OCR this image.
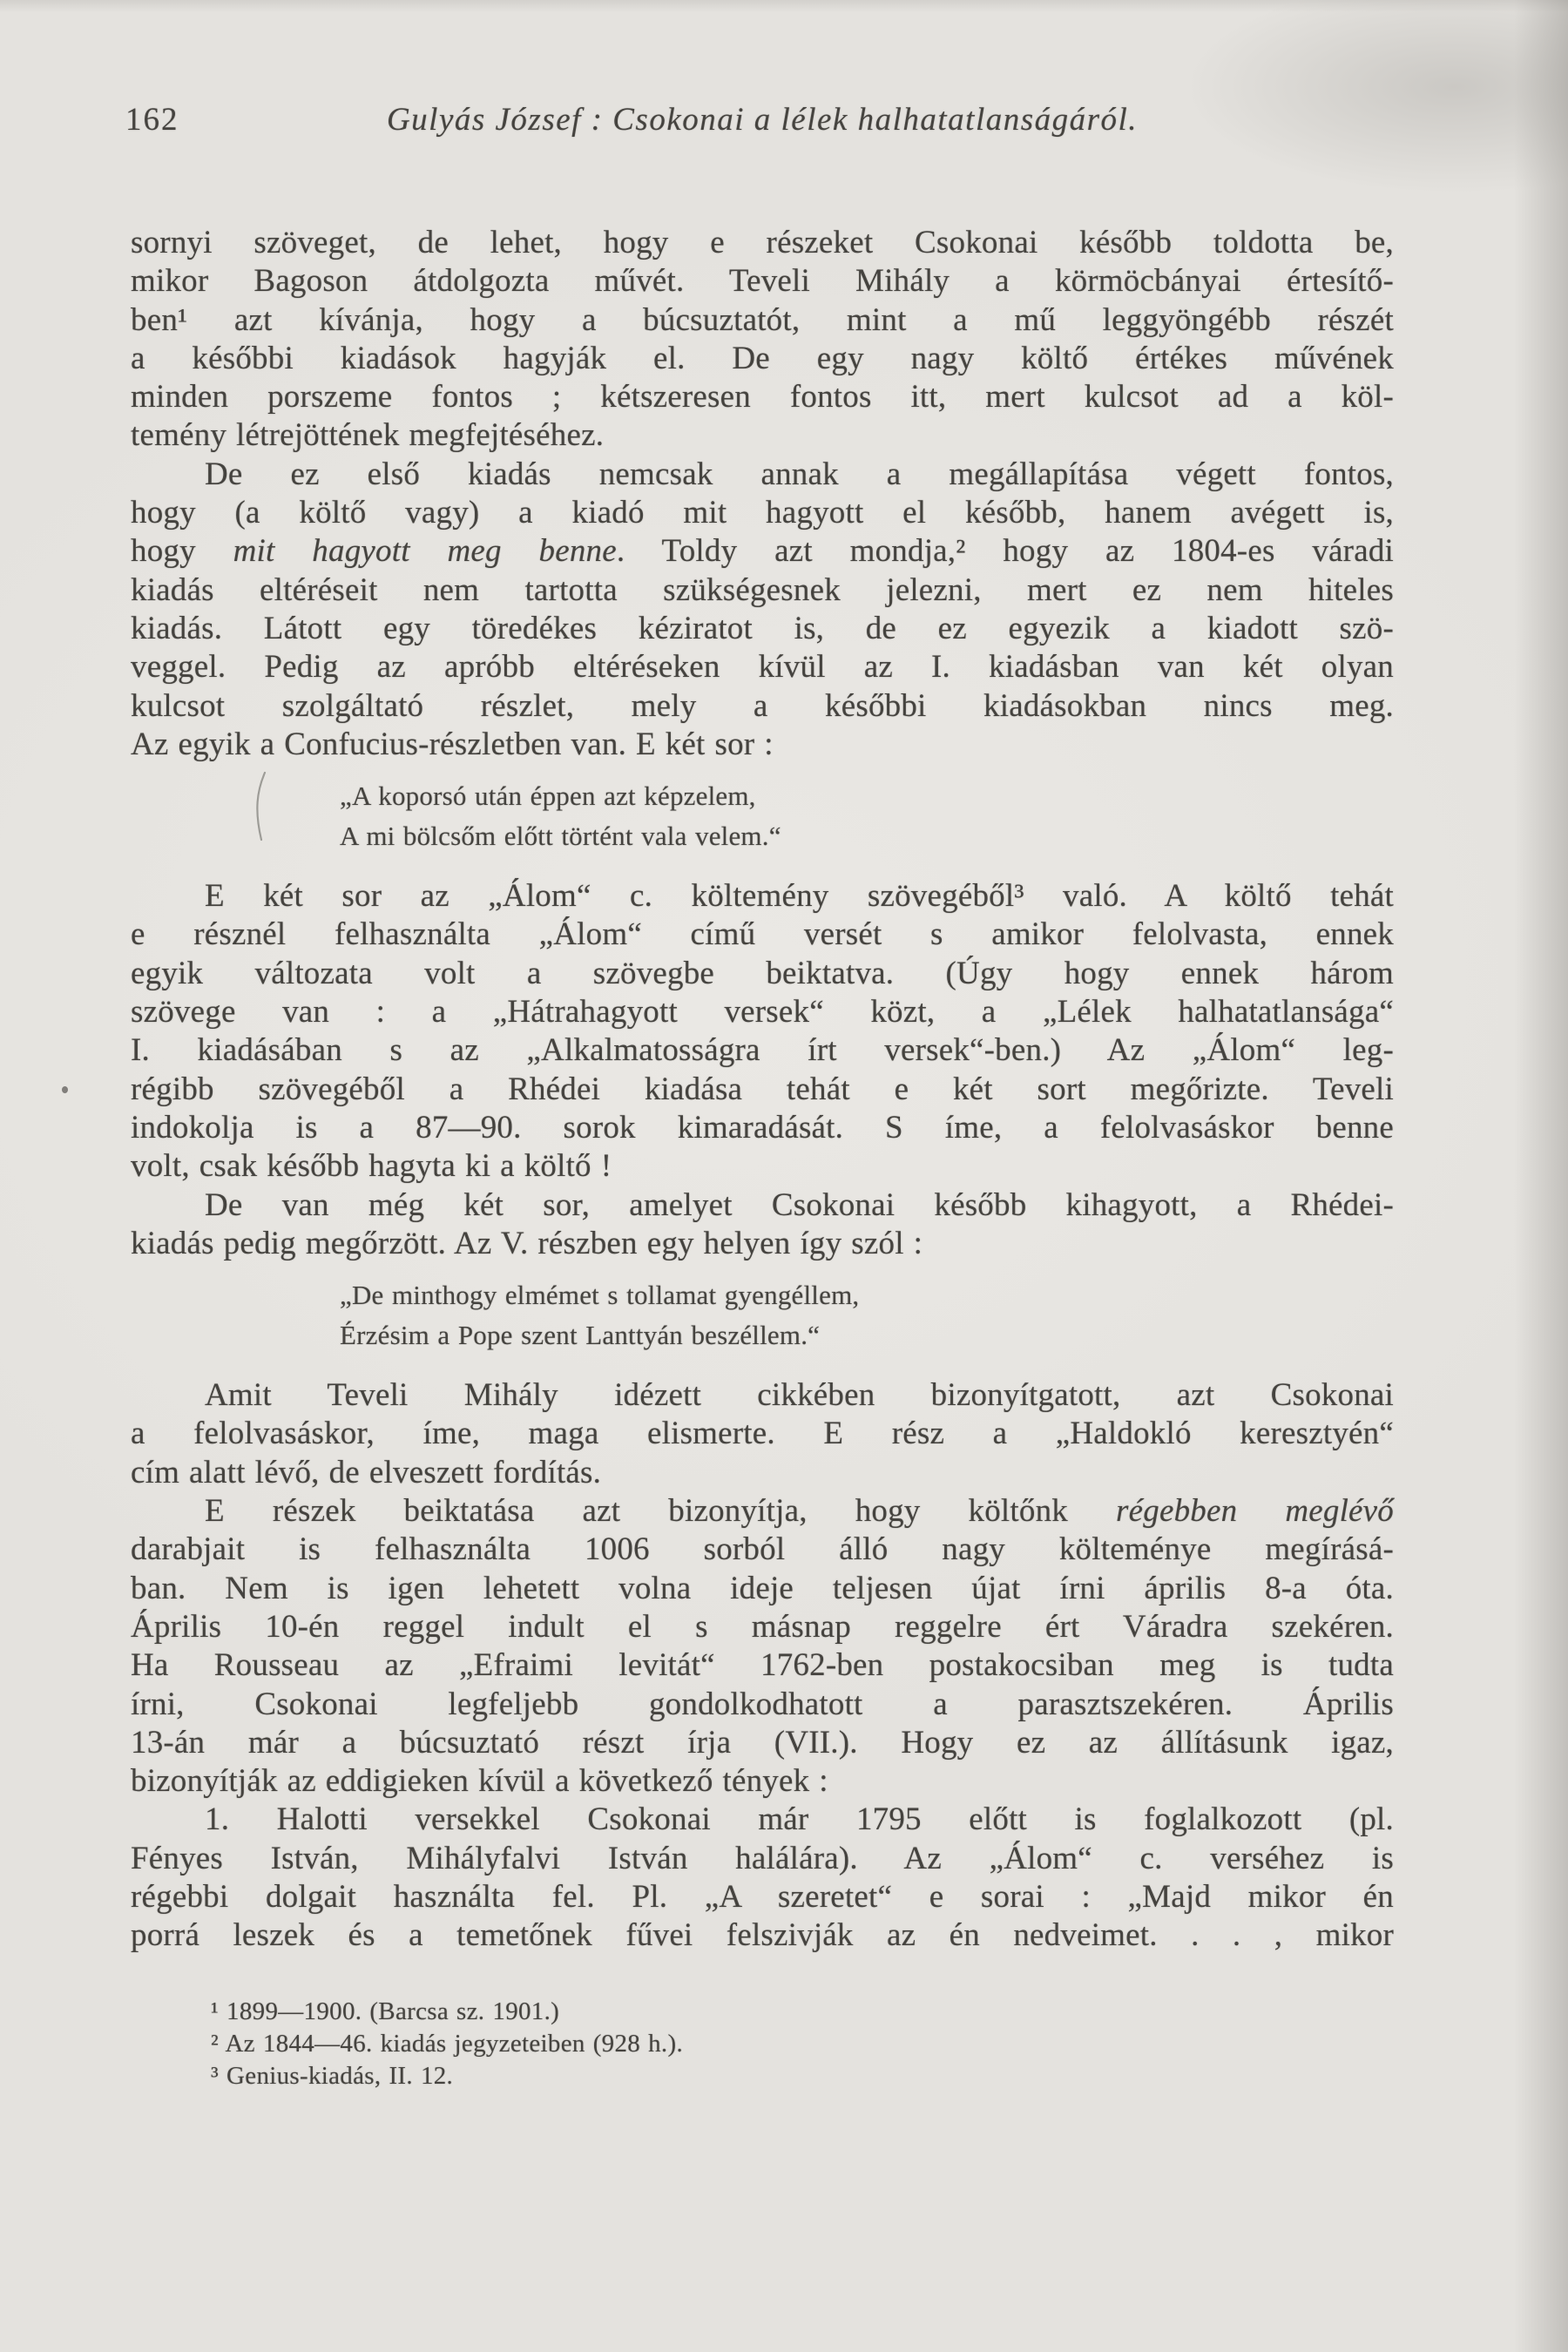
162	Gulyás József : Csokonai a lélek halhatatlanságáról.
sornyi szöveget, de lehet, hogy e részeket Csokonai később toldotta be,
mikor Bagoson átdolgozta művét. Teveli Mihály a körmöcbányai értesítő-
ben¹ azt kívánja, hogy a búcsuztatót, mint a mű leggyöngébb részét
a későbbi kiadások hagyják el. De egy nagy költő értékes művének
minden porszeme fontos ; kétszeresen fontos itt, mert kulcsot ad a köl-
temény létrejöttének megfejtéséhez.
De ez első kiadás nemcsak annak a megállapítása végett fontos,
hogy (a költő vagy) a kiadó mit hagyott el később, hanem avégett is,
hogy mit hagyott meg benne. Toldy azt mondja,² hogy az 1804-es váradi
kiadás eltéréseit nem tartotta szükségesnek jelezni, mert ez nem hiteles
kiadás. Látott egy töredékes kéziratot is, de ez egyezik a kiadott szö-
veggel. Pedig az apróbb eltéréseken kívül az I. kiadásban van két olyan
kulcsot szolgáltató részlet, mely a későbbi kiadásokban nincs meg.
Az egyik a Confucius-részletben van. E két sor :
„A koporsó után éppen azt képzelem,
A mi bölcsőm előtt történt vala velem.“
E két sor az „Álom“ c. költemény szövegéből³ való. A költő tehát
e résznél felhasználta „Álom“ című versét s amikor felolvasta, ennek
egyik változata volt a szövegbe beiktatva. (Úgy hogy ennek három
szövege van : a „Hátrahagyott versek“ közt, a „Lélek halhatatlansága“
I. kiadásában s az „Alkalmatosságra írt versek“-ben.) Az „Álom“ leg-
régibb szövegéből a Rhédei kiadása tehát e két sort megőrizte. Teveli
indokolja is a 87—90. sorok kimaradását. S íme, a felolvasáskor benne
volt, csak később hagyta ki a költő !
De van még két sor, amelyet Csokonai később kihagyott, a Rhédei-
kiadás pedig megőrzött. Az V. részben egy helyen így szól :
„De minthogy elmémet s tollamat gyengéllem,
Érzésim a Pope szent Lanttyán beszéllem.“
Amit Teveli Mihály idézett cikkében bizonyítgatott, azt Csokonai
a felolvasáskor, íme, maga elismerte. E rész a „Haldokló keresztyén“
cím alatt lévő, de elveszett fordítás.
E részek beiktatása azt bizonyítja, hogy költőnk régebben meglévő
darabjait is felhasználta 1006 sorból álló nagy költeménye megírásá-
ban. Nem is igen lehetett volna ideje teljesen újat írni április 8-a óta.
Április 10-én reggel indult el s másnap reggelre ért Váradra szekéren.
Ha Rousseau az „Efraimi levitát“ 1762-ben postakocsiban meg is tudta
írni, Csokonai legfeljebb gondolkodhatott a parasztszekéren. Április
13-án már a búcsuztató részt írja (VII.). Hogy ez az állításunk igaz,
bizonyítják az eddigieken kívül a következő tények :
1. Halotti versekkel Csokonai már 1795 előtt is foglalkozott (pl.
Fényes István, Mihályfalvi István halálára). Az „Álom“ c. verséhez is
régebbi dolgait használta fel. Pl. „A szeretet“ e sorai : „Majd mikor én
porrá leszek és a temetőnek fűvei felszivják az én nedveimet. . . , mikor
¹ 1899—1900. (Barcsa sz. 1901.)
² Az 1844—46. kiadás jegyzeteiben (928 h.).
³ Genius-kiadás, II. 12.
